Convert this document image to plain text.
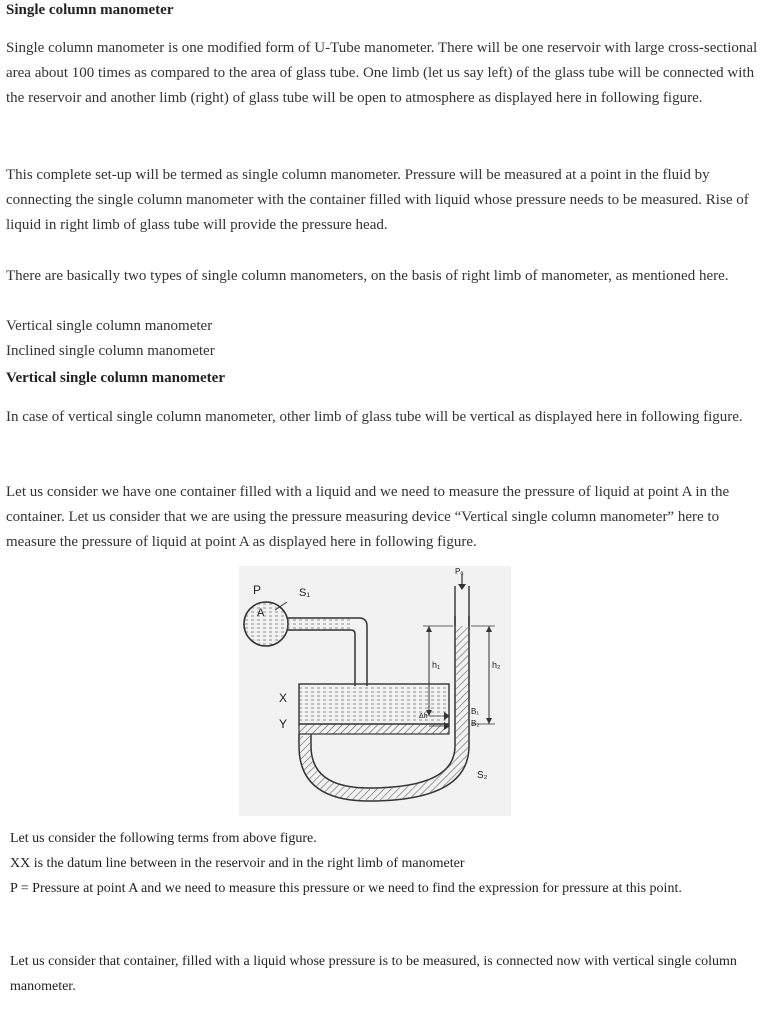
Single column manometer

Single column manometer is one modified form of U-Tube manometer. There will be one reservoir with large cross-sectional area about 100 times as compared to the area of glass tube. One limb (let us say left) of the glass tube will be connected with the reservoir and another limb (right) of glass tube will be open to atmosphere as displayed here in following figure.

This complete set-up will be termed as single column manometer. Pressure will be measured at a point in the fluid by connecting the single column manometer with the container filled with liquid whose pressure needs to be measured. Rise of liquid in right limb of glass tube will provide the pressure head.

There are basically two types of single column manometers, on the basis of right limb of manometer, as mentioned here.

Vertical single column manometer

Inclined single column manometer

Vertical single column manometer

In case of vertical single column manometer, other limb of glass tube will be vertical as displayed here in following figure.

Let us consider we have one container filled with a liquid and we need to measure the pressure of liquid at point A in the container. Let us consider that we are using the pressure measuring device “Vertical single column manometer” here to measure the pressure of liquid at point A as displayed here in following figure.

P	S₁
A
Pₐ
h₁	h₂
X
Y
Δh
B₁
B₂
S₂

Let us consider the following terms from above figure.

XX is the datum line between in the reservoir and in the right limb of manometer

P = Pressure at point A and we need to measure this pressure or we need to find the expression for pressure at this point.

Let us consider that container, filled with a liquid whose pressure is to be measured, is connected now with vertical single column manometer.
